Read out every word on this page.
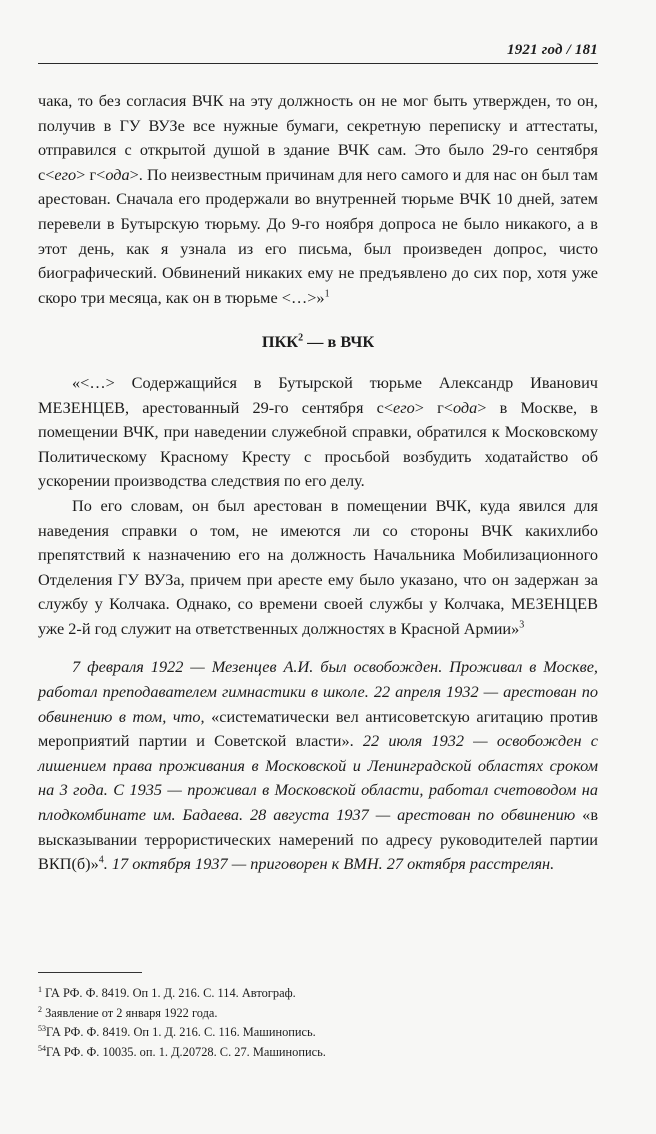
1921 год / 181

чака, то без согласия ВЧК на эту должность он не мог быть утвержден, то он, получив в ГУ ВУЗе все нужные бумаги, секретную переписку и аттестаты, отправился с открытой душой в здание ВЧК сам. Это было 29-го сентября с<его> г<ода>. По неизвестным причинам для него самого и для нас он был там арестован. Сначала его продержали во внутренней тюрьме ВЧК 10 дней, затем перевели в Бутырскую тюрьму. До 9-го ноября допроса не было никакого, а в этот день, как я узнала из его письма, был произведен допрос, чисто биографический. Обвинений никаких ему не предъявлено до сих пор, хотя уже скоро три месяца, как он в тюрьме <…>»$^1$

ПКК$^2$ — в ВЧК

«<…> Содержащийся в Бутырской тюрьме Александр Иванович МЕЗЕНЦЕВ, арестованный 29-го сентября с<его> г<ода> в Москве, в помещении ВЧК, при наведении служебной справки, обратился к Московскому Политическому Красному Кресту с просьбой возбудить ходатайство об ускорении производства следствия по его делу.

По его словам, он был арестован в помещении ВЧК, куда явился для наведения справки о том, не имеются ли со стороны ВЧК какихлибо препятствий к назначению его на должность Начальника Мобилизационного Отделения ГУ ВУЗа, причем при аресте ему было указано, что он задержан за службу у Колчака. Однако, со времени своей службы у Колчака, МЕЗЕНЦЕВ уже 2-й год служит на ответственных должностях в Красной Армии»$^3$

7 февраля 1922 — Мезенцев А.И. был освобожден. Проживал в Москве, работал преподавателем гимнастики в школе. 22 апреля 1932 — арестован по обвинению в том, что, «систематически вел антисоветскую агитацию против мероприятий партии и Советской власти». 22 июля 1932 — освобожден с лишением права проживания в Московской и Ленинградской областях сроком на 3 года. С 1935 — проживал в Московской области, работал счетоводом на плодкомбинате им. Бадаева. 28 августа 1937 — арестован по обвинению «в высказывании террористических намерений по адресу руководителей партии ВКП(б)»$^4$. 17 октября 1937 — приговорен к ВМН. 27 октября расстрелян.

$^1$ ГА РФ. Ф. 8419. Оп 1. Д. 216. С. 114. Автограф.

$^2$ Заявление от 2 января 1922 года.

$^{53}$ГА РФ. Ф. 8419. Оп 1. Д. 216. С. 116. Машинопись.

$^{54}$ГА РФ. Ф. 10035. оп. 1. Д.20728. С. 27. Машинопись.
